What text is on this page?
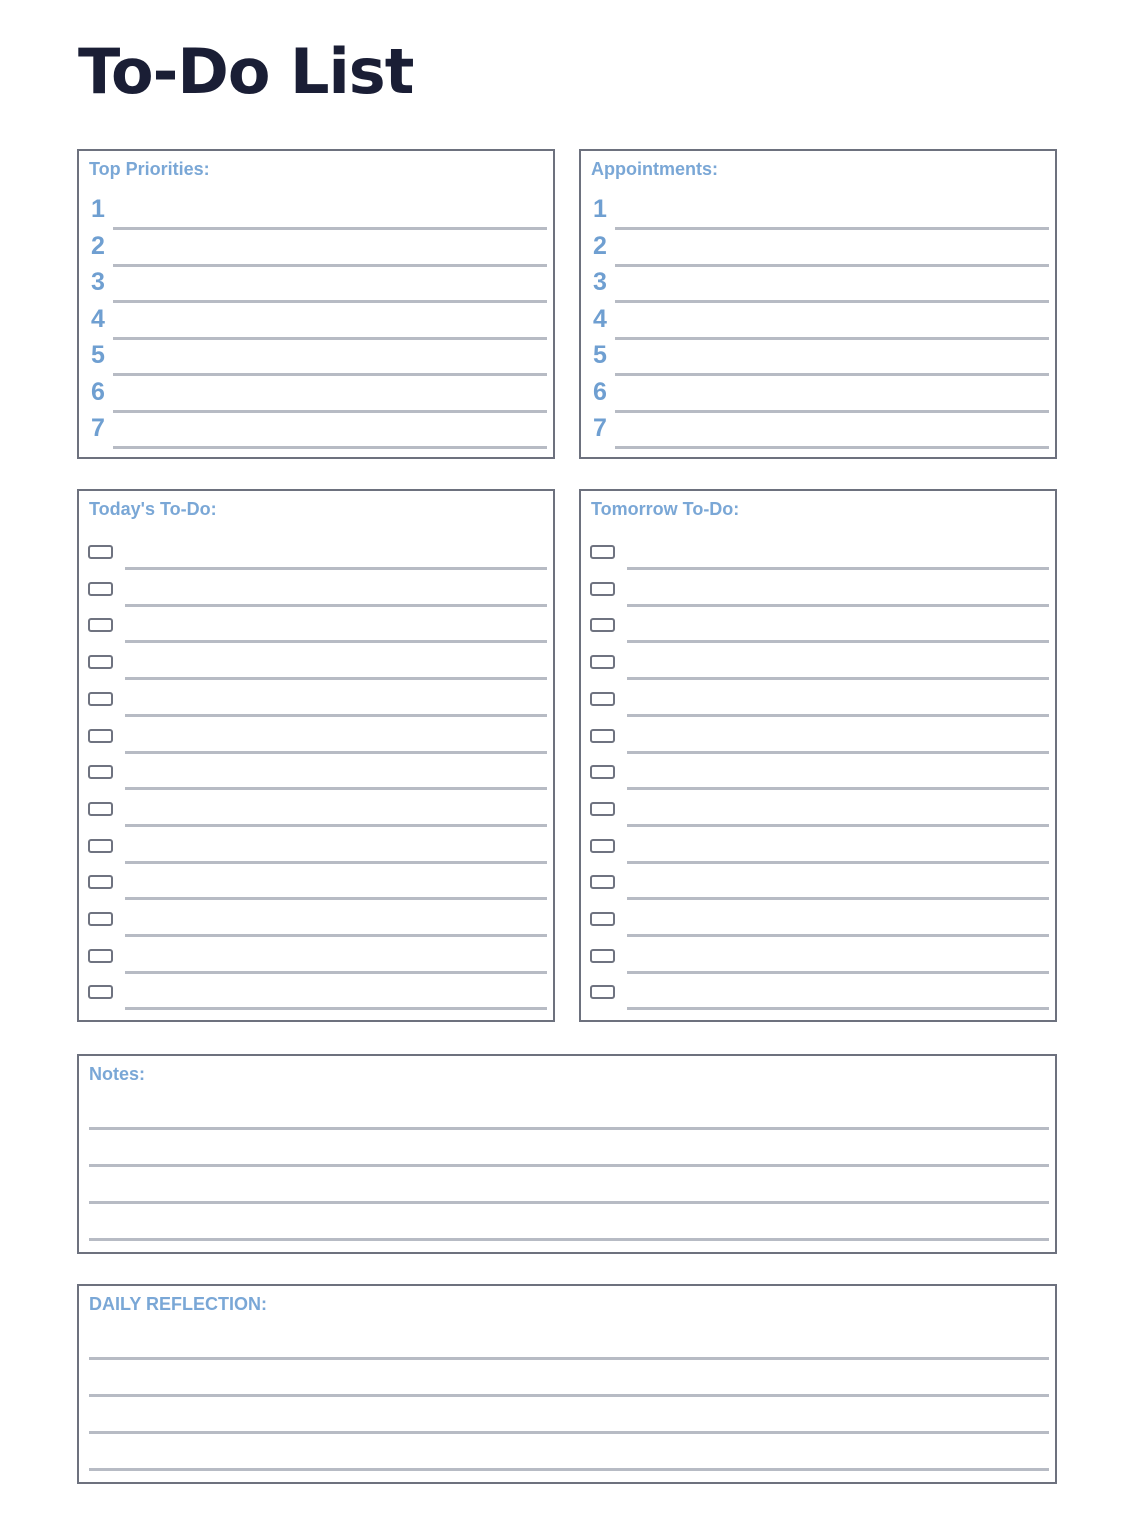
To-Do List
Top Priorities:
1
2
3
4
5
6
7
Appointments:
1
2
3
4
5
6
7
Today's To-Do:	Tomorrow To-Do:
Notes:
DAILY REFLECTION:
